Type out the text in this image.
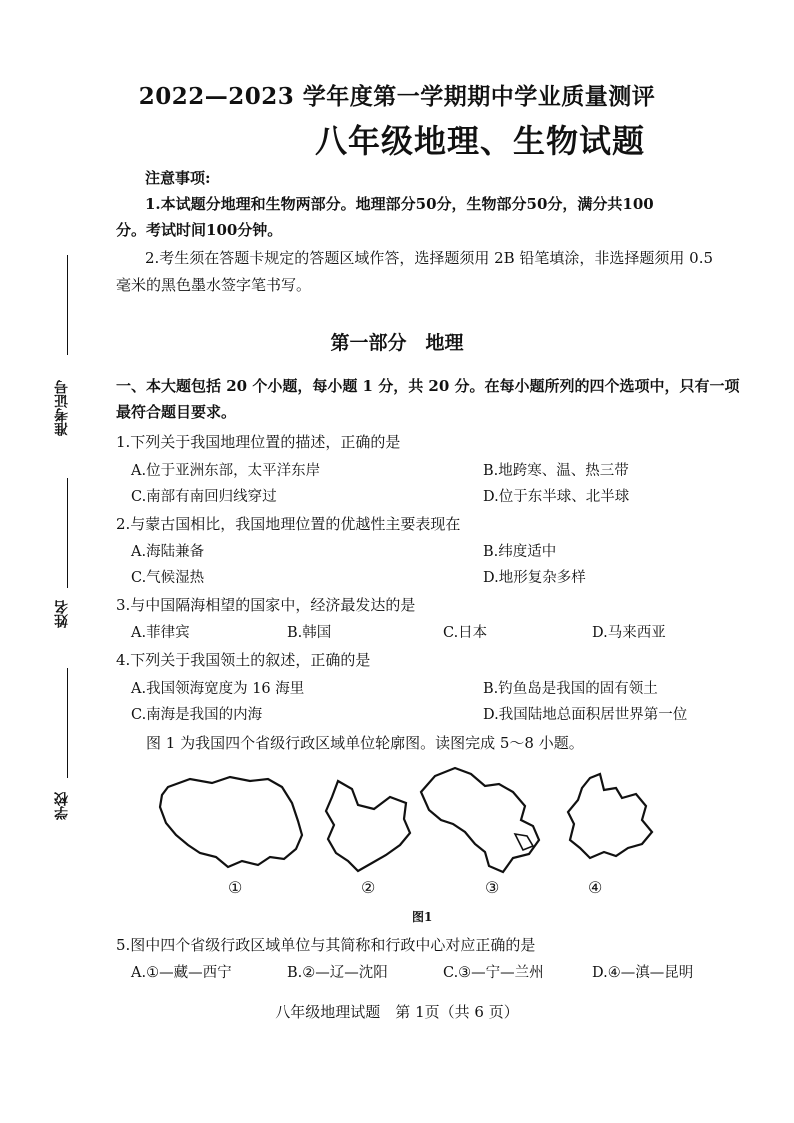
2022—2023 学年度第一学期期中学业质量测评
八年级地理、生物试题
注意事项:
1.本试题分地理和生物两部分。地理部分50分，生物部分50分，满分共100
分。考试时间100分钟。
2.考生须在答题卡规定的答题区域作答，选择题须用 2B 铅笔填涂，非选择题须用 0.5
毫米的黑色墨水签字笔书写。
准考证号
姓名
学校
第一部分　地理
一、本大题包括 20 个小题，每小题 1 分，共 20 分。在每小题所列的四个选项中，只有一项
最符合题目要求。
1.下列关于我国地理位置的描述，正确的是
A.位于亚洲东部，太平洋东岸	B.地跨寒、温、热三带
C.南部有南回归线穿过	D.位于东半球、北半球
2.与蒙古国相比，我国地理位置的优越性主要表现在
A.海陆兼备	B.纬度适中
C.气候湿热	D.地形复杂多样
3.与中国隔海相望的国家中，经济最发达的是
A.菲律宾	B.韩国	C.日本	D.马来西亚
4.下列关于我国领土的叙述，正确的是
A.我国领海宽度为 16 海里	B.钓鱼岛是我国的固有领土
C.南海是我国的内海	D.我国陆地总面积居世界第一位
图 1 为我国四个省级行政区域单位轮廓图。读图完成 5～8 小题。
①	②	③	④
图1
5.图中四个省级行政区域单位与其简称和行政中心对应正确的是
A.①—藏—西宁	B.②—辽—沈阳	C.③—宁—兰州	D.④—滇—昆明
八年级地理试题　第 1页（共 6 页）
